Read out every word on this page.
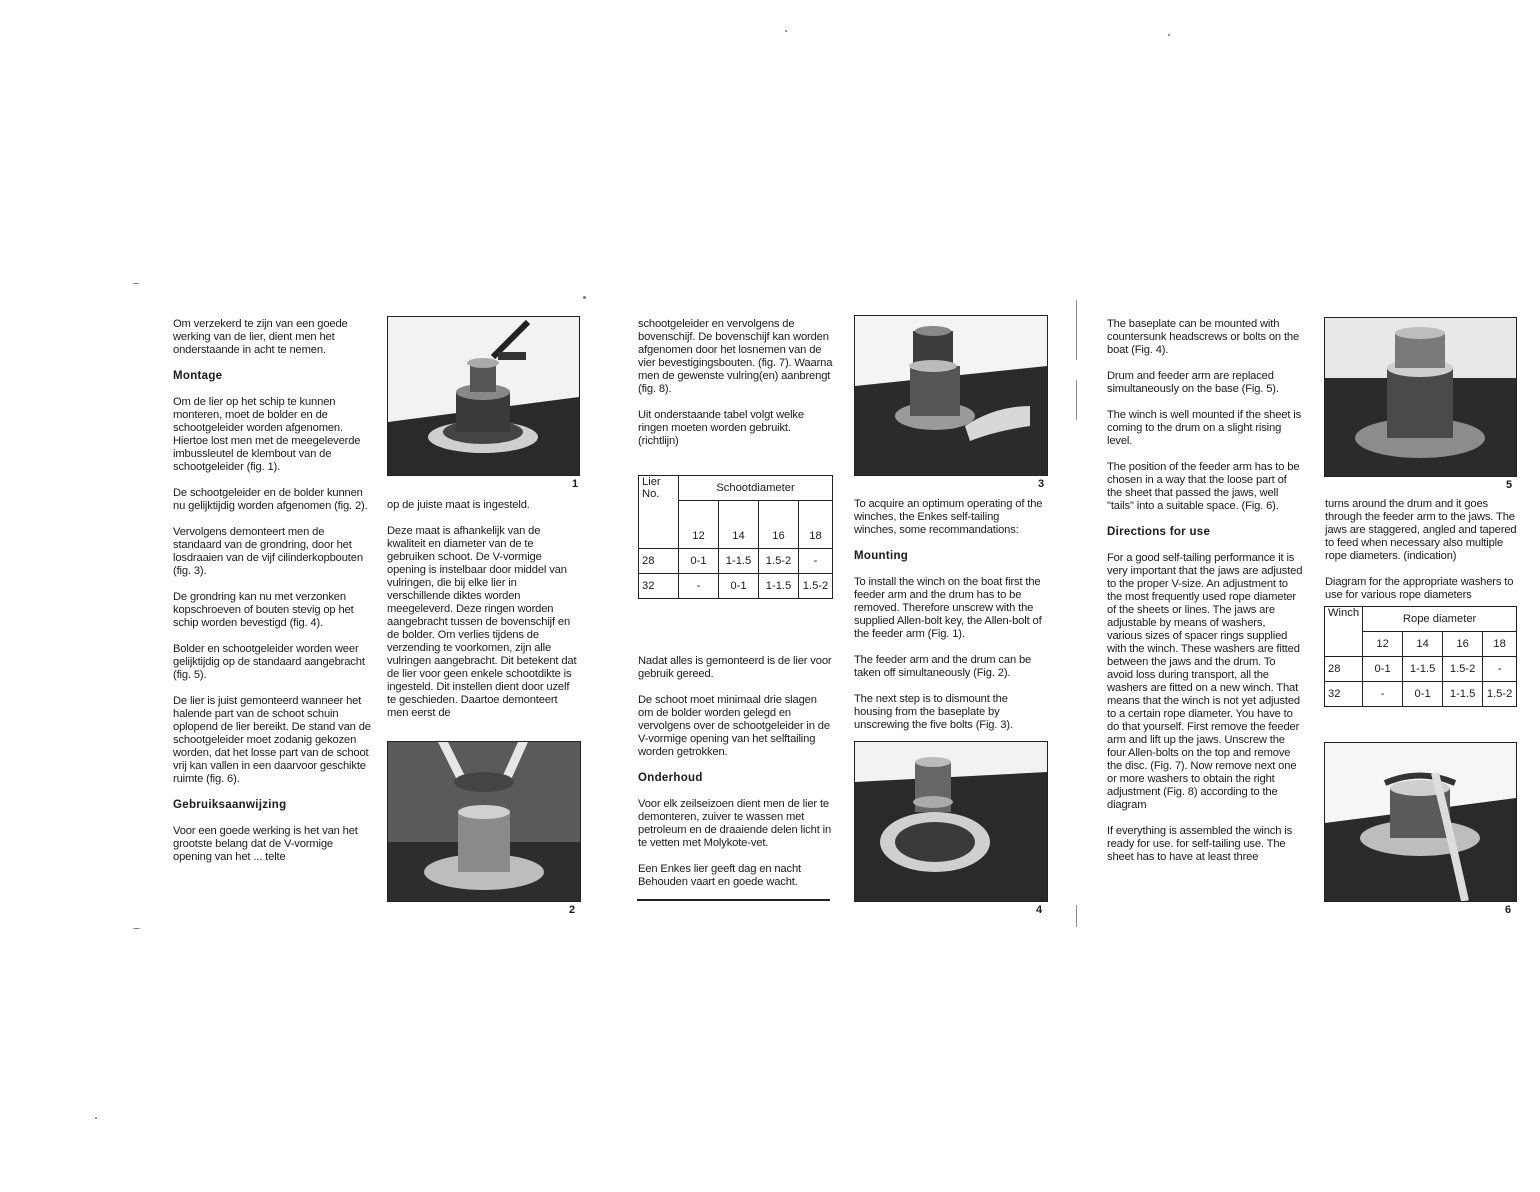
Om verzekerd te zijn van een goede werking van de lier, dient men het onderstaande in acht te nemen.

Montage

Om de lier op het schip te kunnen monteren, moet de bolder en de schootgeleider worden afgenomen. Hiertoe lost men met de meegeleverde imbussleutel de klembout van de schootgeleider (fig. 1).

De schootgeleider en de bolder kunnen nu gelijktijdig worden afgenomen (fig. 2).

Vervolgens demonteert men de standaard van de grondring, door het losdraaien van de vijf cilinderkopbouten (fig. 3).

De grondring kan nu met verzonken kopschroeven of bouten stevig op het schip worden bevestigd (fig. 4).

Bolder en schootgeleider worden weer gelijktijdig op de standaard aangebracht (fig. 5).

De lier is juist gemonteerd wanneer het halende part van de schoot schuin oplopend de lier bereikt. De stand van de schootgeleider moet zodanig gekozen worden, dat het losse part van de schoot vrij kan vallen in een daarvoor geschikte ruimte (fig. 6).

Gebruiksaanwijzing

Voor een goede werking is het van het grootste belang dat de V-vormige opening van het ... telte

1

op de juiste maat is ingesteld.

Deze maat is afhankelijk van de kwaliteit en diameter van de te gebruiken schoot. De V-vormige opening is instelbaar door middel van vulringen, die bij elke lier in verschillende diktes worden meegeleverd. Deze ringen worden aangebracht tussen de bovenschijf en de bolder. Om verlies tijdens de verzending te voorkomen, zijn alle vulringen aangebracht. Dit betekent dat de lier voor geen enkele schootdikte is ingesteld. Dit instellen dient door uzelf te geschieden. Daartoe demonteert men eerst de

2

schootgeleider en vervolgens de bovenschijf. De bovenschijf kan worden afgenomen door het losnemen van de vier bevestigingsbouten. (fig. 7). Waarna men de gewenste vulring(en) aanbrengt (fig. 8).

Uit onderstaande tabel volgt welke ringen moeten worden gebruikt. (richtlijn)

Lier No.	Schootdiameter			
	12	14	16	18
28	0-1	1-1.5	1.5-2	-
32	-	0-1	1-1.5	1.5-2

Nadat alles is gemonteerd is de lier voor gebruik gereed.

De schoot moet minimaal drie slagen om de bolder worden gelegd en vervolgens over de schootgeleider in de V-vormige opening van het selftailing worden getrokken.

Onderhoud

Voor elk zeilseizoen dient men de lier te demonteren, zuiver te wassen met petroleum en de draaiende delen licht in te vetten met Molykote-vet.

Een Enkes lier geeft dag en nacht Behouden vaart en goede wacht.

3

To acquire an optimum operating of the winches, the Enkes self-tailing winches, some recommandations:

Mounting

To install the winch on the boat first the feeder arm and the drum has to be removed. Therefore unscrew with the supplied Allen-bolt key, the Allen-bolt of the feeder arm (Fig. 1).

The feeder arm and the drum can be taken off simultaneously (Fig. 2).

The next step is to dismount the housing from the baseplate by unscrewing the five bolts (Fig. 3).

4

The baseplate can be mounted with countersunk headscrews or bolts on the boat (Fig. 4).

Drum and feeder arm are replaced simultaneously on the base (Fig. 5).

The winch is well mounted if the sheet is coming to the drum on a slight rising level.

The position of the feeder arm has to be chosen in a way that the loose part of the sheet that passed the jaws, well "tails" into a suitable space. (Fig. 6).

Directions for use

For a good self-tailing performance it is very important that the jaws are adjusted to the proper V-size. An adjustment to the most frequently used rope diameter of the sheets or lines. The jaws are adjustable by means of washers, various sizes of spacer rings supplied with the winch. These washers are fitted between the jaws and the drum. To avoid loss during transport, all the washers are fitted on a new winch. That means that the winch is not yet adjusted to a certain rope diameter. You have to do that yourself. First remove the feeder arm and lift up the jaws. Unscrew the four Allen-bolts on the top and remove the disc. (Fig. 7). Now remove next one or more washers to obtain the right adjustment (Fig. 8) according to the diagram

If everything is assembled the winch is ready for use. for self-tailing use. The sheet has to have at least three

5

turns around the drum and it goes through the feeder arm to the jaws. The jaws are staggered, angled and tapered to feed when necessary also multiple rope diameters. (indication)

Diagram for the appropriate washers to use for various rope diameters

Winch	Rope diameter			
	12	14	16	18
28	0-1	1-1.5	1.5-2	-
32	-	0-1	1-1.5	1.5-2
6
